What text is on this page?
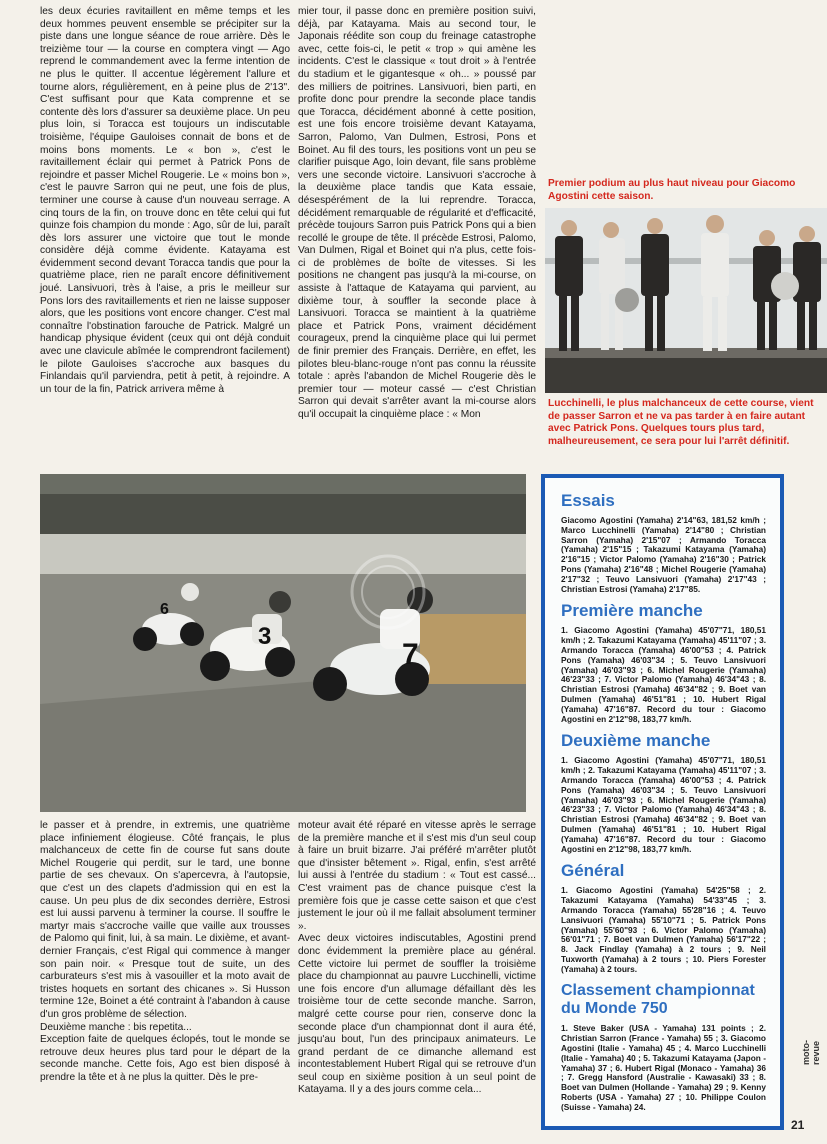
les deux écuries ravitaillent en même temps et les deux hommes peuvent ensemble se précipiter sur la piste dans une longue séance de roue arrière. Dès le treizième tour — la course en comptera vingt — Ago reprend le commandement avec la ferme intention de ne plus le quitter. Il accentue légèrement l'allure et tourne alors, régulièrement, en à peine plus de 2'13". C'est suffisant pour que Kata comprenne et se contente dès lors d'assurer sa deuxième place. Un peu plus loin, si Toracca est toujours un indiscutable troisième, l'équipe Gauloises connait de bons et de moins bons moments. Le « bon », c'est le ravitaillement éclair qui permet à Patrick Pons de rejoindre et passer Michel Rougerie. Le « moins bon », c'est le pauvre Sarron qui ne peut, une fois de plus, terminer une course à cause d'un nouveau serrage. A cinq tours de la fin, on trouve donc en tête celui qui fut quinze fois champion du monde : Ago, sûr de lui, paraît dès lors assurer une victoire que tout le monde considère déjà comme évidente. Katayama est évidemment second devant Toracca tandis que pour la quatrième place, rien ne paraît encore définitivement joué. Lansivuori, très à l'aise, a pris le meilleur sur Pons lors des ravitaillements et rien ne laisse supposer alors, que les positions vont encore changer. C'est mal connaître l'obstination farouche de Patrick. Malgré un handicap physique évident (ceux qui ont déjà conduit avec une clavicule abîmée le comprendront facilement) le pilote Gauloises s'accroche aux basques du Finlandais qu'il parviendra, petit à petit, à rejoindre. A un tour de la fin, Patrick arrivera même à

mier tour, il passe donc en première position suivi, déjà, par Katayama. Mais au second tour, le Japonais réédite son coup du freinage catastrophe avec, cette fois-ci, le petit « trop » qui amène les incidents. C'est le classique « tout droit » à l'entrée du stadium et le gigantesque « oh... » poussé par des milliers de poitrines. Lansivuori, bien parti, en profite donc pour prendre la seconde place tandis que Toracca, décidément abonné à cette position, est une fois encore troisième devant Katayama, Sarron, Palomo, Van Dulmen, Estrosi, Pons et Boinet. Au fil des tours, les positions vont un peu se clarifier puisque Ago, loin devant, file sans problème vers une seconde victoire. Lansivuori s'accroche à la deuxième place tandis que Kata essaie, désespérément de la lui reprendre. Toracca, décidément remarquable de régularité et d'efficacité, précède toujours Sarron puis Patrick Pons qui a bien recollé le groupe de tête. Il précède Estrosi, Palomo, Van Dulmen, Rigal et Boinet qui n'a plus, cette fois-ci de problèmes de boîte de vitesses. Si les positions ne changent pas jusqu'à la mi-course, on assiste à l'attaque de Katayama qui parvient, au dixième tour, à souffler la seconde place à Lansivuori. Toracca se maintient à la quatrième place et Patrick Pons, vraiment décidément courageux, prend la cinquième place qui lui permet de finir premier des Français. Derrière, en effet, les pilotes bleu-blanc-rouge n'ont pas connu la réussite totale : après l'abandon de Michel Rougerie dès le premier tour — moteur cassé — c'est Christian Sarron qui devait s'arrêter avant la mi-course alors qu'il occupait la cinquième place : « Mon

le passer et à prendre, in extremis, une quatrième place infiniement élogieuse. Côté français, le plus malchanceux de cette fin de course fut sans doute Michel Rougerie qui perdit, sur le tard, une bonne partie de ses chevaux. On s'apercevra, à l'autopsie, que c'est un des clapets d'admission qui en est la cause. Un peu plus de dix secondes derrière, Estrosi est lui aussi parvenu à terminer la course. Il souffre le martyr mais s'accroche vaille que vaille aux trousses de Palomo qui finit, lui, à sa main. Le dixième, et avant-dernier Français, c'est Rigal qui commence à manger son pain noir. « Presque tout de suite, un des carburateurs s'est mis à vasouiller et la moto avait de tristes hoquets en sortant des chicanes ». Si Husson termine 12e, Boinet a été contraint à l'abandon à cause d'un gros problème de sélection.

Deuxième manche : bis repetita...

Exception faite de quelques éclopés, tout le monde se retrouve deux heures plus tard pour le départ de la seconde manche. Cette fois, Ago est bien disposé à prendre la tête et à ne plus la quitter. Dès le pre-

moteur avait été réparé en vitesse après le serrage de la première manche et il s'est mis d'un seul coup à faire un bruit bizarre. J'ai préféré m'arrêter plutôt que d'insister bêtement ». Rigal, enfin, s'est arrêté lui aussi à l'entrée du stadium : « Tout est cassé... C'est vraiment pas de chance puisque c'est la première fois que je casse cette saison et que c'est justement le jour où il me fallait absolument terminer ».

Avec deux victoires indiscutables, Agostini prend donc évidemment la première place au général. Cette victoire lui permet de souffler la troisième place du championnat au pauvre Lucchinelli, victime une fois encore d'un allumage défaillant dès les troisième tour de cette seconde manche. Sarron, malgré cette course pour rien, conserve donc la seconde place d'un championnat dont il aura été, jusqu'au bout, l'un des principaux animateurs. Le grand perdant de ce dimanche allemand est incontestablement Hubert Rigal qui se retrouve d'un seul coup en sixième position à un seul point de Katayama. Il y a des jours comme cela...

Premier podium au plus haut niveau pour Giacomo Agostini cette saison.

Lucchinelli, le plus malchanceux de cette course, vient de passer Sarron et ne va pas tarder à en faire autant avec Patrick Pons. Quelques tours plus tard, malheureusement, ce sera pour lui l'arrêt définitif.

6
3
7
Essais

Giacomo Agostini (Yamaha) 2'14"63, 181,52 km/h ; Marco Lucchinelli (Yamaha) 2'14"80 ; Christian Sarron (Yamaha) 2'15"07 ; Armando Toracca (Yamaha) 2'15"15 ; Takazumi Katayama (Yamaha) 2'16"15 ; Victor Palomo (Yamaha) 2'16"30 ; Patrick Pons (Yamaha) 2'16"48 ; Michel Rougerie (Yamaha) 2'17"32 ; Teuvo Lansivuori (Yamaha) 2'17"43 ; Christian Estrosi (Yamaha) 2'17"85.

Première manche

1. Giacomo Agostini (Yamaha) 45'07"71, 180,51 km/h ; 2. Takazumi Katayama (Yamaha) 45'11"07 ; 3. Armando Toracca (Yamaha) 46'00"53 ; 4. Patrick Pons (Yamaha) 46'03"34 ; 5. Teuvo Lansivuori (Yamaha) 46'03"93 ; 6. Michel Rougerie (Yamaha) 46'23"33 ; 7. Victor Palomo (Yamaha) 46'34"43 ; 8. Christian Estrosi (Yamaha) 46'34"82 ; 9. Boet van Dulmen (Yamaha) 46'51"81 ; 10. Hubert Rigal (Yamaha) 47'16"87. Record du tour : Giacomo Agostini en 2'12"98, 183,77 km/h.

Deuxième manche

1. Giacomo Agostini (Yamaha) 45'07"71, 180,51 km/h ; 2. Takazumi Katayama (Yamaha) 45'11"07 ; 3. Armando Toracca (Yamaha) 46'00"53 ; 4. Patrick Pons (Yamaha) 46'03"34 ; 5. Teuvo Lansivuori (Yamaha) 46'03"93 ; 6. Michel Rougerie (Yamaha) 46'23"33 ; 7. Victor Palomo (Yamaha) 46'34"43 ; 8. Christian Estrosi (Yamaha) 46'34"82 ; 9. Boet van Dulmen (Yamaha) 46'51"81 ; 10. Hubert Rigal (Yamaha) 47'16"87. Record du tour : Giacomo Agostini en 2'12"98, 183,77 km/h.

Général

1. Giacomo Agostini (Yamaha) 54'25"58 ; 2. Takazumi Katayama (Yamaha) 54'33"45 ; 3. Armando Toracca (Yamaha) 55'28"16 ; 4. Teuvo Lansivuori (Yamaha) 55'10"71 ; 5. Patrick Pons (Yamaha) 55'60"93 ; 6. Victor Palomo (Yamaha) 56'01"71 ; 7. Boet van Dulmen (Yamaha) 56'17"22 ; 8. Jack Findlay (Yamaha) à 2 tours ; 9. Neil Tuxworth (Yamaha) à 2 tours ; 10. Piers Forester (Yamaha) à 2 tours.

Classement championnat du Monde 750

1. Steve Baker (USA - Yamaha) 131 points ; 2. Christian Sarron (France - Yamaha) 55 ; 3. Giacomo Agostini (Italie - Yamaha) 45 ; 4. Marco Lucchinelli (Italie - Yamaha) 40 ; 5. Takazumi Katayama (Japon - Yamaha) 37 ; 6. Hubert Rigal (Monaco - Yamaha) 36 ; 7. Gregg Hansford (Australie - Kawasaki) 33 ; 8. Boet van Dulmen (Hollande - Yamaha) 29 ; 9. Kenny Roberts (USA - Yamaha) 27 ; 10. Philippe Coulon (Suisse - Yamaha) 24.

moto-revue
21
